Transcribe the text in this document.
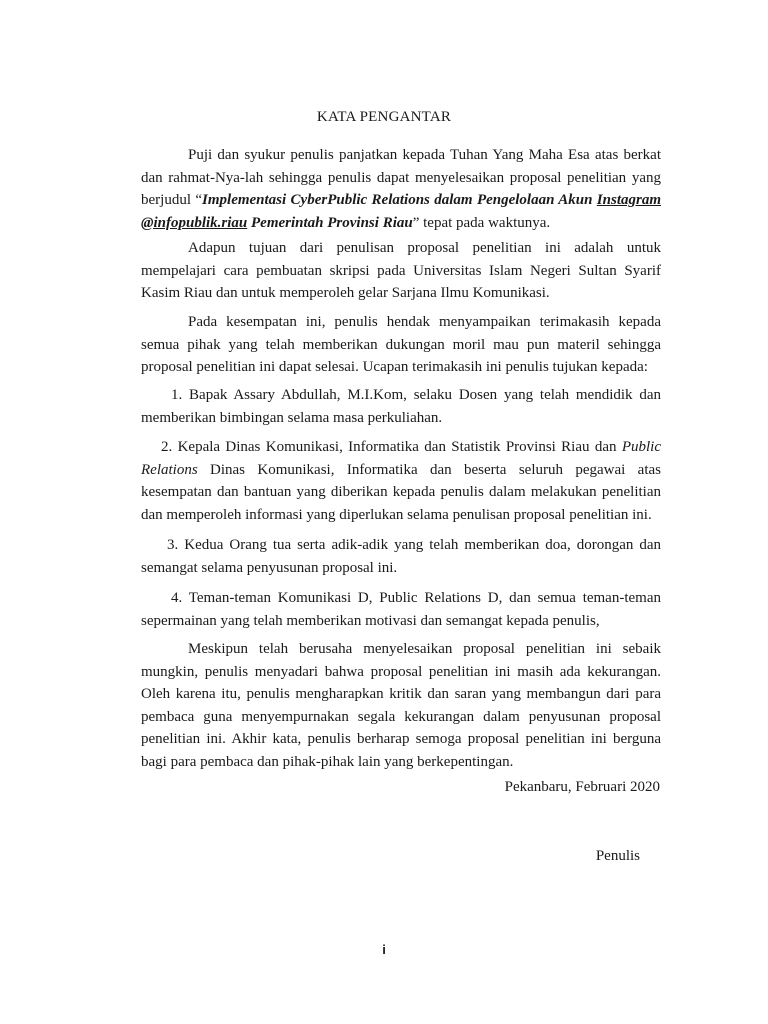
KATA PENGANTAR

Puji dan syukur penulis panjatkan kepada Tuhan Yang Maha Esa atas berkat dan rahmat-Nya-lah sehingga penulis dapat menyelesaikan proposal penelitian yang berjudul “Implementasi CyberPublic Relations dalam Pengelolaan Akun Instagram @infopublik.riau Pemerintah Provinsi Riau” tepat pada waktunya.

Adapun tujuan dari penulisan proposal penelitian ini adalah untuk mempelajari cara pembuatan skripsi pada Universitas Islam Negeri Sultan Syarif Kasim Riau dan untuk memperoleh gelar Sarjana Ilmu Komunikasi.

Pada kesempatan ini, penulis hendak menyampaikan terimakasih kepada semua pihak yang telah memberikan dukungan moril mau pun materil sehingga proposal penelitian ini dapat selesai. Ucapan terimakasih ini penulis tujukan kepada:

1. Bapak Assary Abdullah, M.I.Kom, selaku Dosen yang telah mendidik dan memberikan bimbingan selama masa perkuliahan.

2. Kepala Dinas Komunikasi, Informatika dan Statistik Provinsi Riau dan Public Relations Dinas Komunikasi, Informatika dan beserta seluruh pegawai atas kesempatan dan bantuan yang diberikan kepada penulis dalam melakukan penelitian dan memperoleh informasi yang diperlukan selama penulisan proposal penelitian ini.

3. Kedua Orang tua serta adik-adik yang telah memberikan doa, dorongan dan semangat selama penyusunan proposal ini.

4. Teman-teman Komunikasi D, Public Relations D, dan semua teman-teman sepermainan yang telah memberikan motivasi dan semangat kepada penulis,

Meskipun telah berusaha menyelesaikan proposal penelitian ini sebaik mungkin, penulis menyadari bahwa proposal penelitian ini masih ada kekurangan. Oleh karena itu, penulis mengharapkan kritik dan saran yang membangun dari para pembaca guna menyempurnakan segala kekurangan dalam penyusunan proposal penelitian ini. Akhir kata, penulis berharap semoga proposal penelitian ini berguna bagi para pembaca dan pihak-pihak lain yang berkepentingan.

Pekanbaru, Februari 2020
Penulis
i
